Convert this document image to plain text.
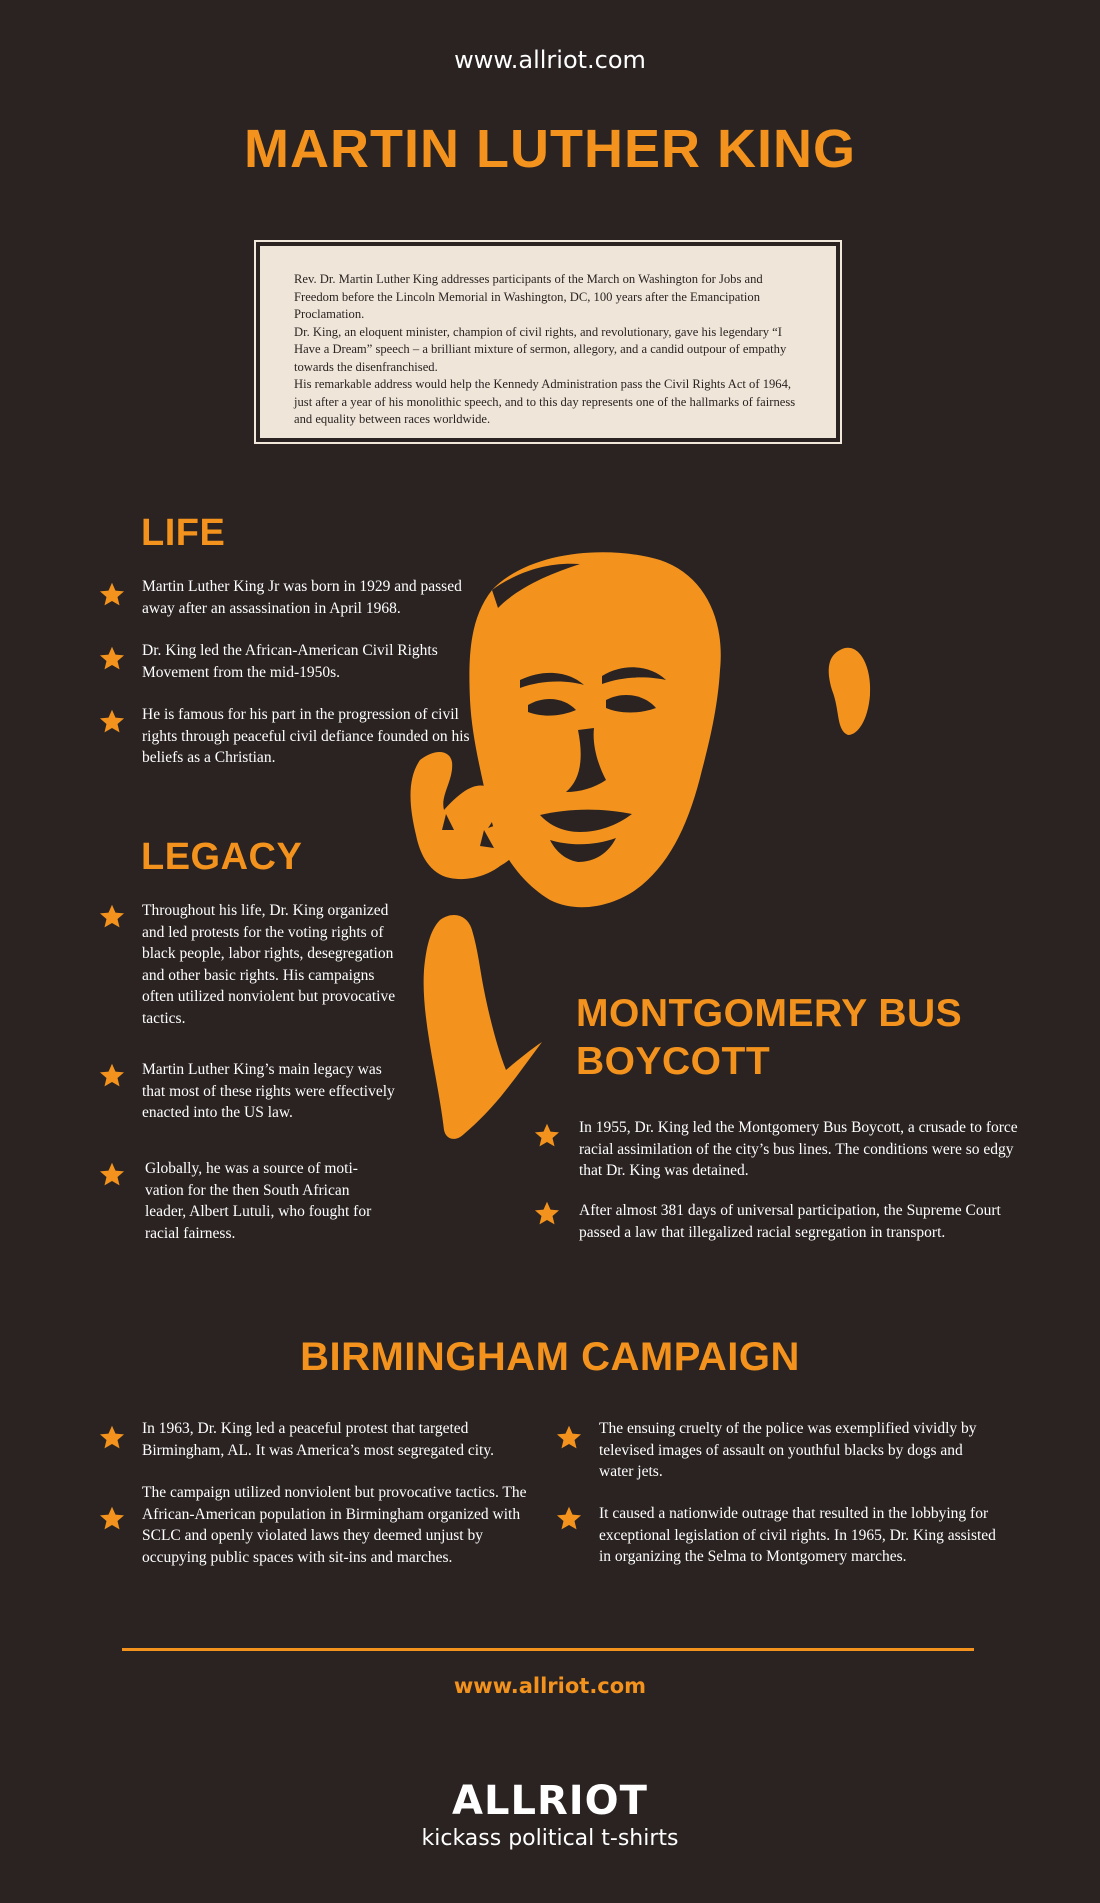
www.allriot.com
MARTIN LUTHER KING

Rev. Dr. Martin Luther King addresses participants of the March on Washington for Jobs and Freedom before the Lincoln Memorial in Washington, DC, 100 years after the Emancipation Proclamation.

Dr. King, an eloquent minister, champion of civil rights, and revolutionary, gave his legendary “I Have a Dream” speech – a brilliant mixture of sermon, allegory, and a candid outpour of empathy towards the disenfranchised.

His remarkable address would help the Kennedy Administration pass the Civil Rights Act of 1964, just after a year of his monolithic speech, and to this day represents one of the hallmarks of fairness and equality between races worldwide.

LIFE
Martin Luther King Jr was born in 1929 and passed away after an assassination in April 1968.
Dr. King led the African-American Civil Rights Movement from the mid-1950s.
He is famous for his part in the progression of civil rights through peaceful civil defiance founded on his beliefs as a Christian.
LEGACY
Throughout his life, Dr. King organized and led protests for the voting rights of black people, labor rights, desegregation and other basic rights. His campaigns often utilized nonviolent but provocative tactics.
Martin Luther King’s main legacy was that most of these rights were effectively enacted into the US law.
Globally, he was a source of moti-vation for the then South African leader, Albert Lutuli, who fought for racial fairness.
MONTGOMERY BUS
BOYCOTT
In 1955, Dr. King led the Montgomery Bus Boycott, a crusade to force racial assimilation of the city’s bus lines. The conditions were so edgy that Dr. King was detained.
After almost 381 days of universal participation, the Supreme Court passed a law that illegalized racial segregation in transport.
BIRMINGHAM CAMPAIGN
In 1963, Dr. King led a peaceful protest that targeted Birmingham, AL. It was America’s most segregated city.
The campaign utilized nonviolent but provocative tactics. The African-American population in Birmingham organized with SCLC and openly violated laws they deemed unjust by occupying public spaces with sit-ins and marches.
The ensuing cruelty of the police was exemplified vividly by televised images of assault on youthful blacks by dogs and water jets.
It caused a nationwide outrage that resulted in the lobbying for exceptional legislation of civil rights. In 1965, Dr. King assisted in organizing the Selma to Montgomery marches.
www.allriot.com
ALLRIOT
kickass political t-shirts
